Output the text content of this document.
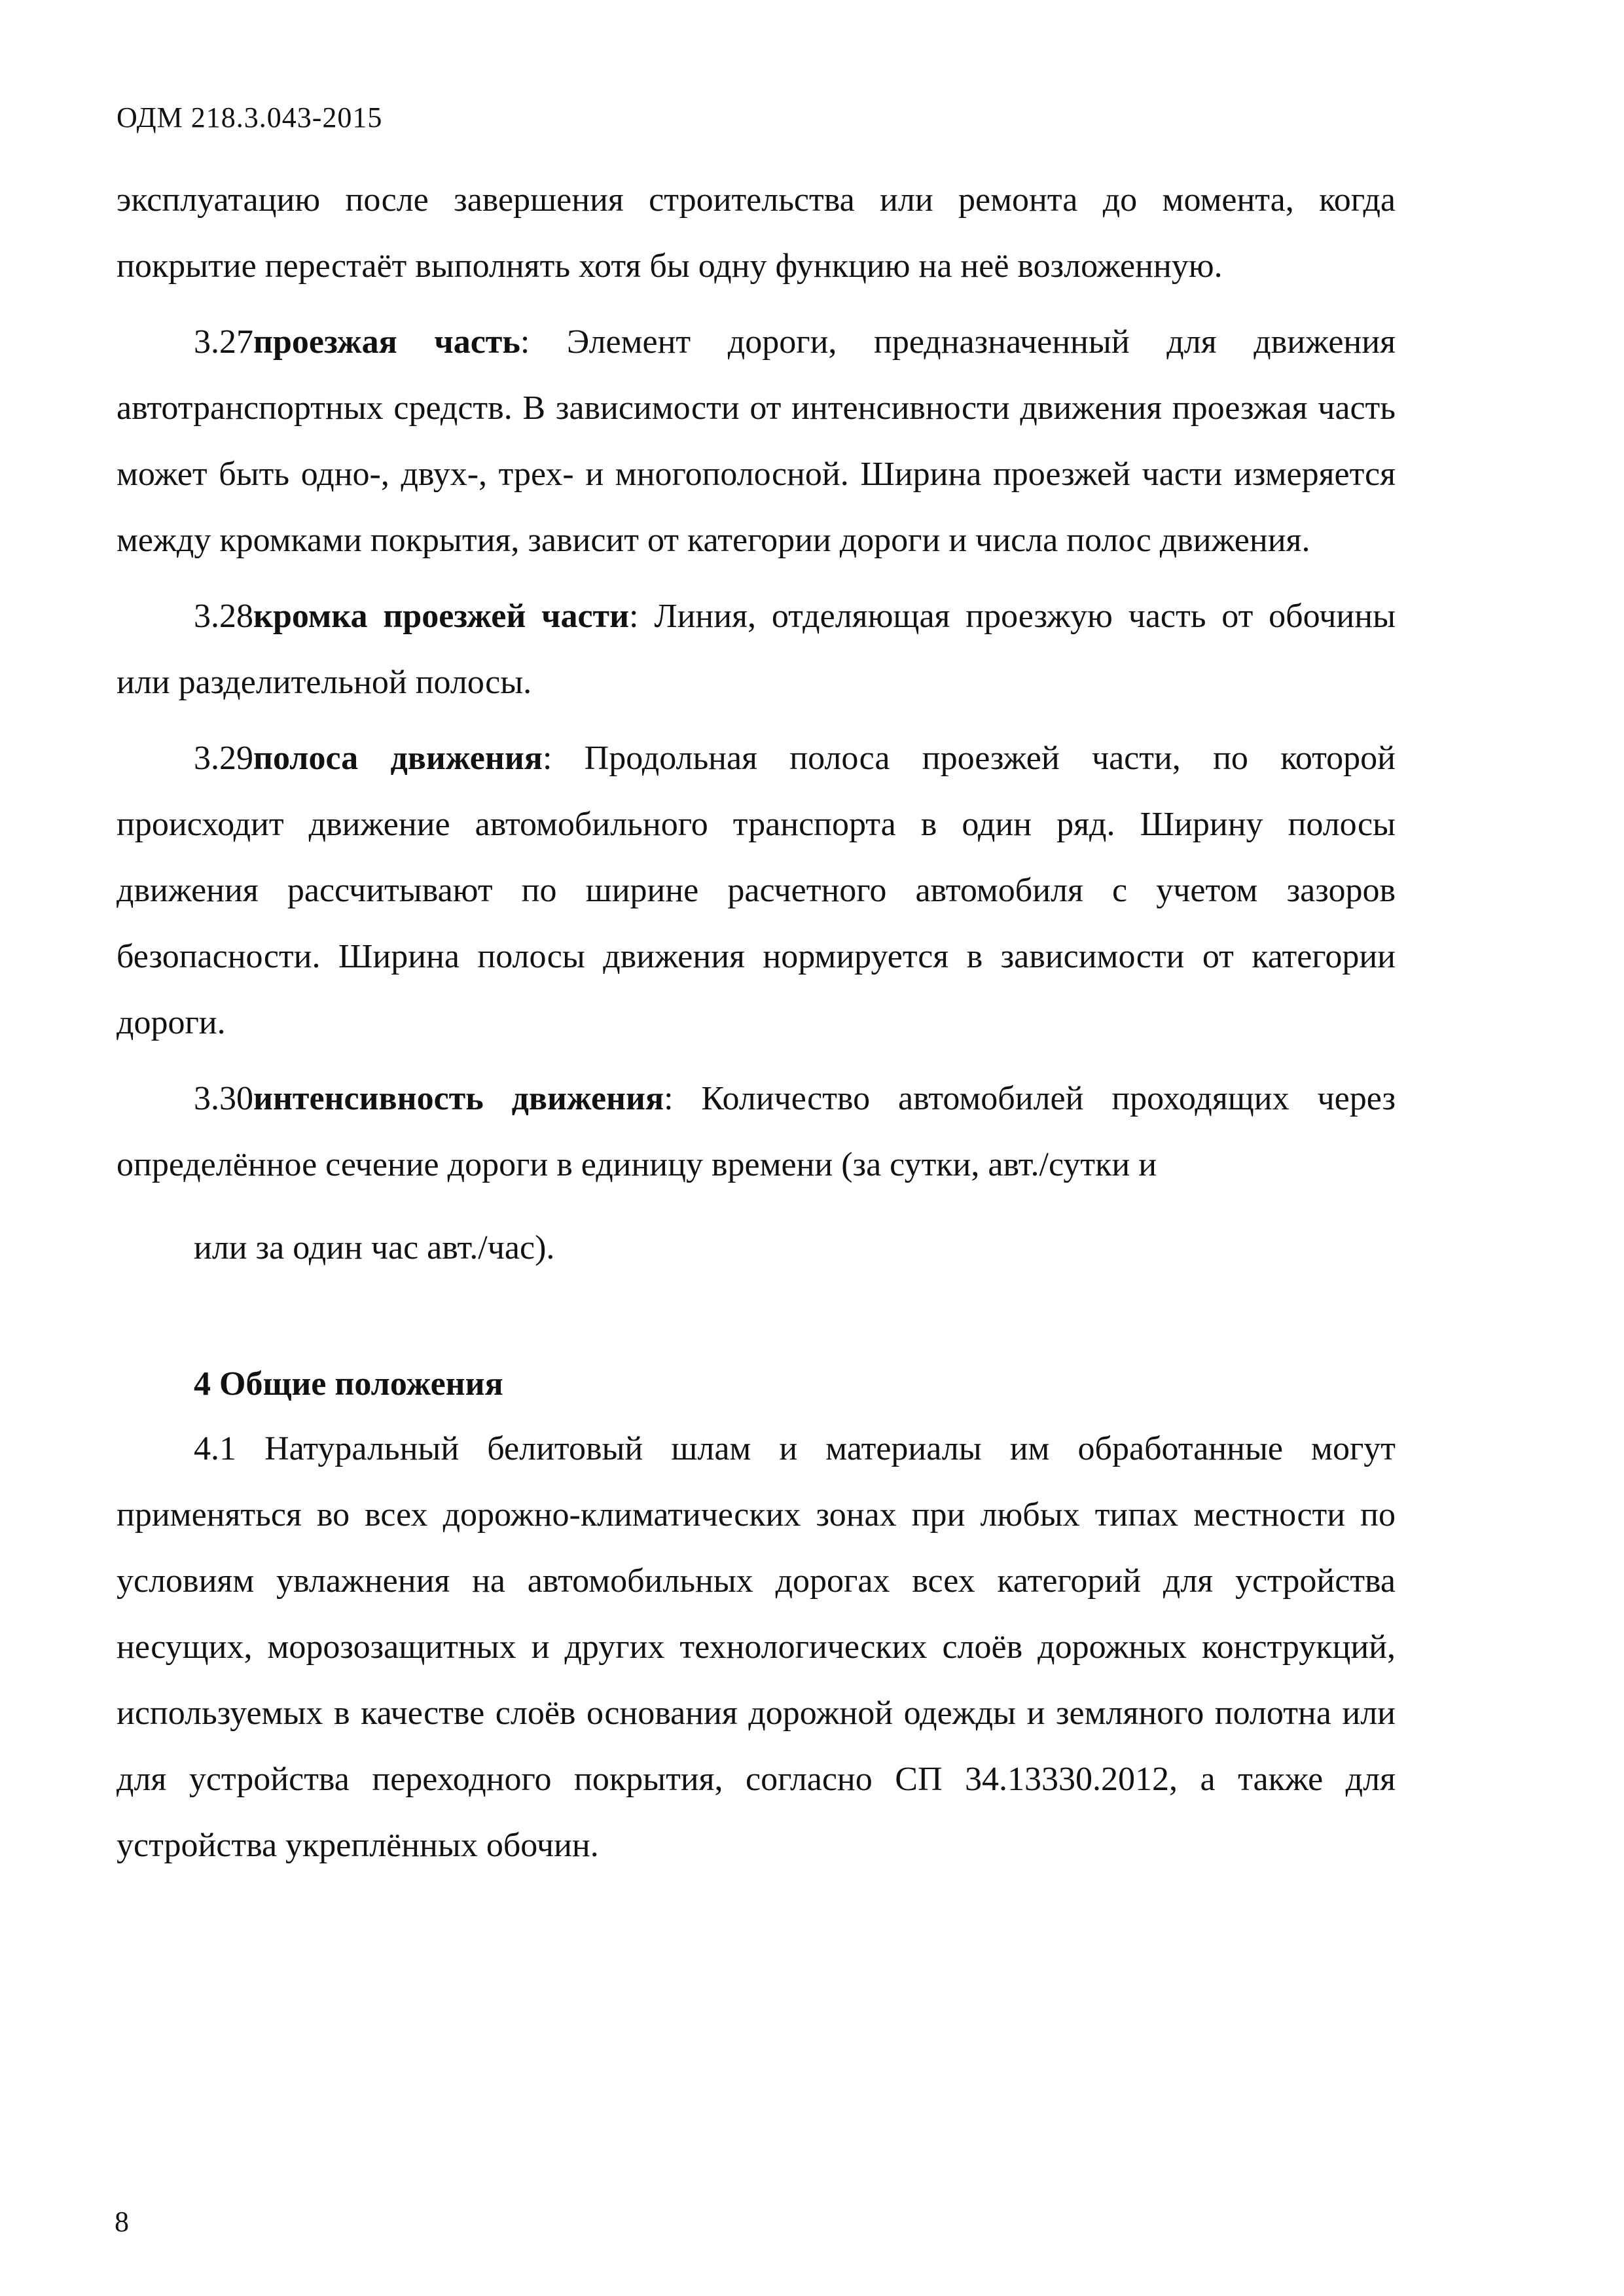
ОДМ 218.3.043-2015

эксплуатацию после завершения строительства или ремонта до момента, когда покрытие перестаёт выполнять хотя бы одну функцию на неё возложенную.

3.27проезжая часть: Элемент дороги, предназначенный для движения автотранспортных средств. В зависимости от интенсивности движения проезжая часть может быть одно-, двух-, трех- и многополосной. Ширина проезжей части измеряется между кромками покрытия, зависит от категории дороги и числа полос движения.

3.28кромка проезжей части: Линия, отделяющая проезжую часть от обочины или разделительной полосы.

3.29полоса движения: Продольная полоса проезжей части, по которой происходит движение автомобильного транспорта в один ряд. Ширину полосы движения рассчитывают по ширине расчетного автомобиля с учетом зазоров безопасности. Ширина полосы движения нормируется в зависимости от категории дороги.

3.30интенсивность движения: Количество автомобилей проходящих через определённое сечение дороги в единицу времени (за сутки, авт./сутки и
или за один час авт./час).

4 Общие положения

4.1 Натуральный белитовый шлам и материалы им обработанные могут применяться во всех дорожно-климатических зонах при любых типах местности по условиям увлажнения на автомобильных дорогах всех категорий для устройства несущих, морозозащитных и других технологических слоёв дорожных конструкций, используемых в качестве слоёв основания дорожной одежды и земляного полотна или для устройства переходного покрытия, согласно СП 34.13330.2012, а также для устройства укреплённых обочин.

8
